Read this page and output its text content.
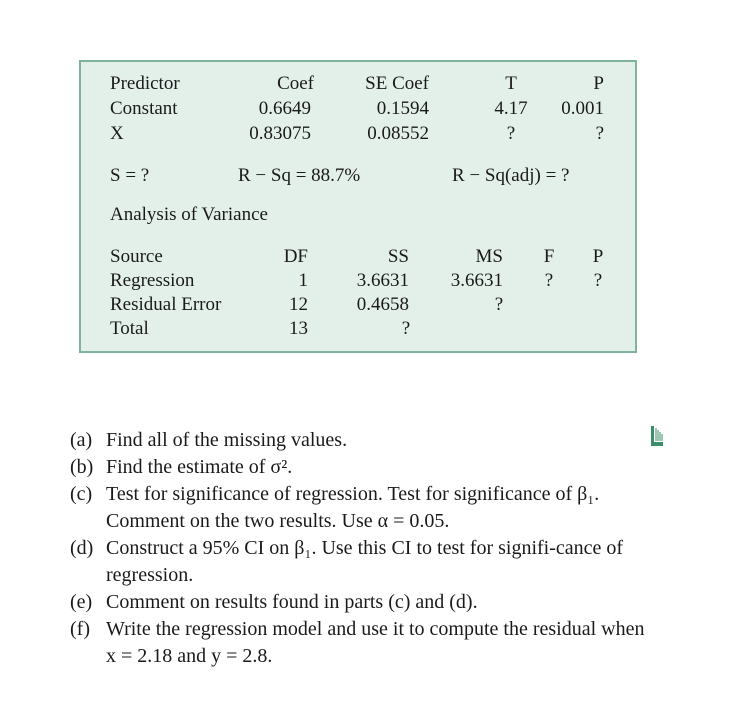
Predictor	Coef	SE Coef	T	P
Constant	0.6649	0.1594	4.17	0.001
X	0.83075	0.08552	?	?
S = ?	R − Sq = 88.7%	R − Sq(adj) = ?
Analysis of Variance
Source	DF	SS	MS	F	P
Regression	1	3.6631	3.6631	?	?
Residual Error	12	0.4658	?
Total	13	?
(a) Find all of the missing values.
(b) Find the estimate of σ².
(c) Test for significance of regression. Test for significance of β₁. Comment on the two results. Use α = 0.05.
(d) Construct a 95% CI on β₁. Use this CI to test for signifi-cance of regression.
(e) Comment on results found in parts (c) and (d).
(f) Write the regression model and use it to compute the residual when x = 2.18 and y = 2.8.
